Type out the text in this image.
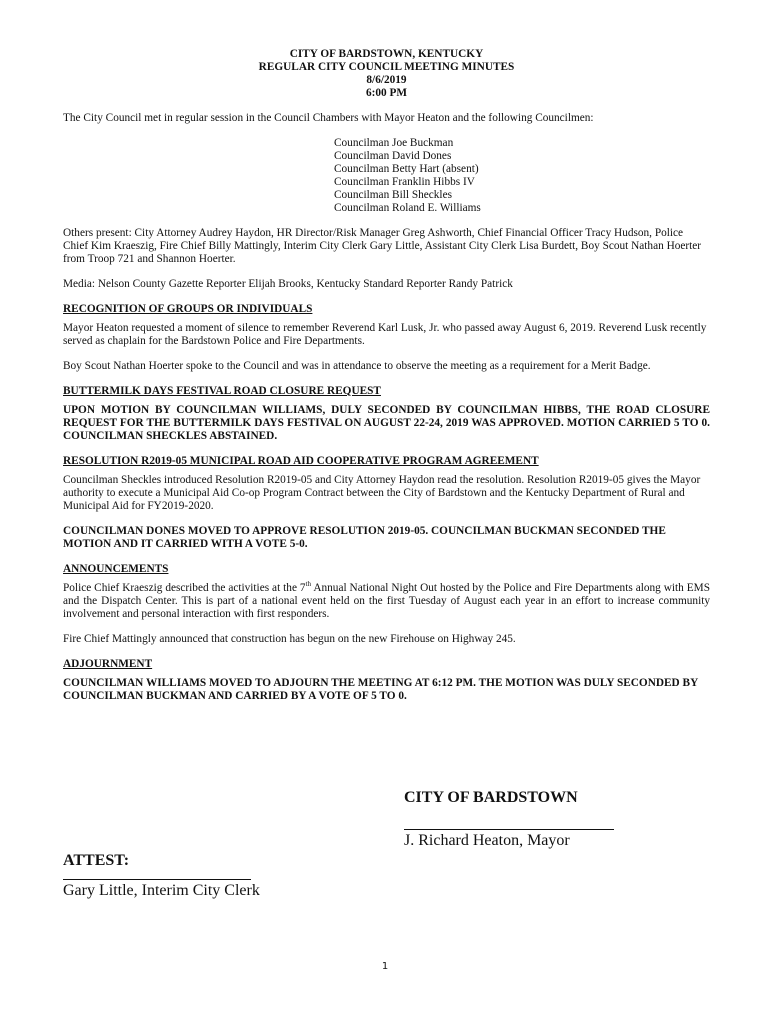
CITY OF BARDSTOWN, KENTUCKY
REGULAR CITY COUNCIL MEETING MINUTES
8/6/2019
6:00 PM

The City Council met in regular session in the Council Chambers with Mayor Heaton and the following Councilmen:

Councilman Joe Buckman
Councilman David Dones
Councilman Betty Hart (absent)
Councilman Franklin Hibbs IV
Councilman Bill Sheckles
Councilman Roland E. Williams

Others present: City Attorney Audrey Haydon, HR Director/Risk Manager Greg Ashworth, Chief Financial Officer Tracy Hudson, Police Chief Kim Kraeszig, Fire Chief Billy Mattingly, Interim City Clerk Gary Little, Assistant City Clerk Lisa Burdett, Boy Scout Nathan Hoerter from Troop 721 and Shannon Hoerter.

Media: Nelson County Gazette Reporter Elijah Brooks, Kentucky Standard Reporter Randy Patrick

RECOGNITION OF GROUPS OR INDIVIDUALS

Mayor Heaton requested a moment of silence to remember Reverend Karl Lusk, Jr. who passed away August 6, 2019. Reverend Lusk recently served as chaplain for the Bardstown Police and Fire Departments.

Boy Scout Nathan Hoerter spoke to the Council and was in attendance to observe the meeting as a requirement for a Merit Badge.

BUTTERMILK DAYS FESTIVAL ROAD CLOSURE REQUEST

UPON MOTION BY COUNCILMAN WILLIAMS, DULY SECONDED BY COUNCILMAN HIBBS, THE ROAD CLOSURE REQUEST FOR THE BUTTERMILK DAYS FESTIVAL ON AUGUST 22-24, 2019 WAS APPROVED. MOTION CARRIED 5 TO 0. COUNCILMAN SHECKLES ABSTAINED.

RESOLUTION R2019-05 MUNICIPAL ROAD AID COOPERATIVE PROGRAM AGREEMENT

Councilman Sheckles introduced Resolution R2019-05 and City Attorney Haydon read the resolution. Resolution R2019-05 gives the Mayor authority to execute a Municipal Aid Co-op Program Contract between the City of Bardstown and the Kentucky Department of Rural and Municipal Aid for FY2019-2020.

COUNCILMAN DONES MOVED TO APPROVE RESOLUTION 2019-05. COUNCILMAN BUCKMAN SECONDED THE MOTION AND IT CARRIED WITH A VOTE 5-0.

ANNOUNCEMENTS

Police Chief Kraeszig described the activities at the 7th Annual National Night Out hosted by the Police and Fire Departments along with EMS and the Dispatch Center. This is part of a national event held on the first Tuesday of August each year in an effort to increase community involvement and personal interaction with first responders.

Fire Chief Mattingly announced that construction has begun on the new Firehouse on Highway 245.

ADJOURNMENT

COUNCILMAN WILLIAMS MOVED TO ADJOURN THE MEETING AT 6:12 PM. THE MOTION WAS DULY SECONDED BY COUNCILMAN BUCKMAN AND CARRIED BY A VOTE OF 5 TO 0.

CITY OF BARDSTOWN
J. Richard Heaton, Mayor
ATTEST:
Gary Little, Interim City Clerk
1
